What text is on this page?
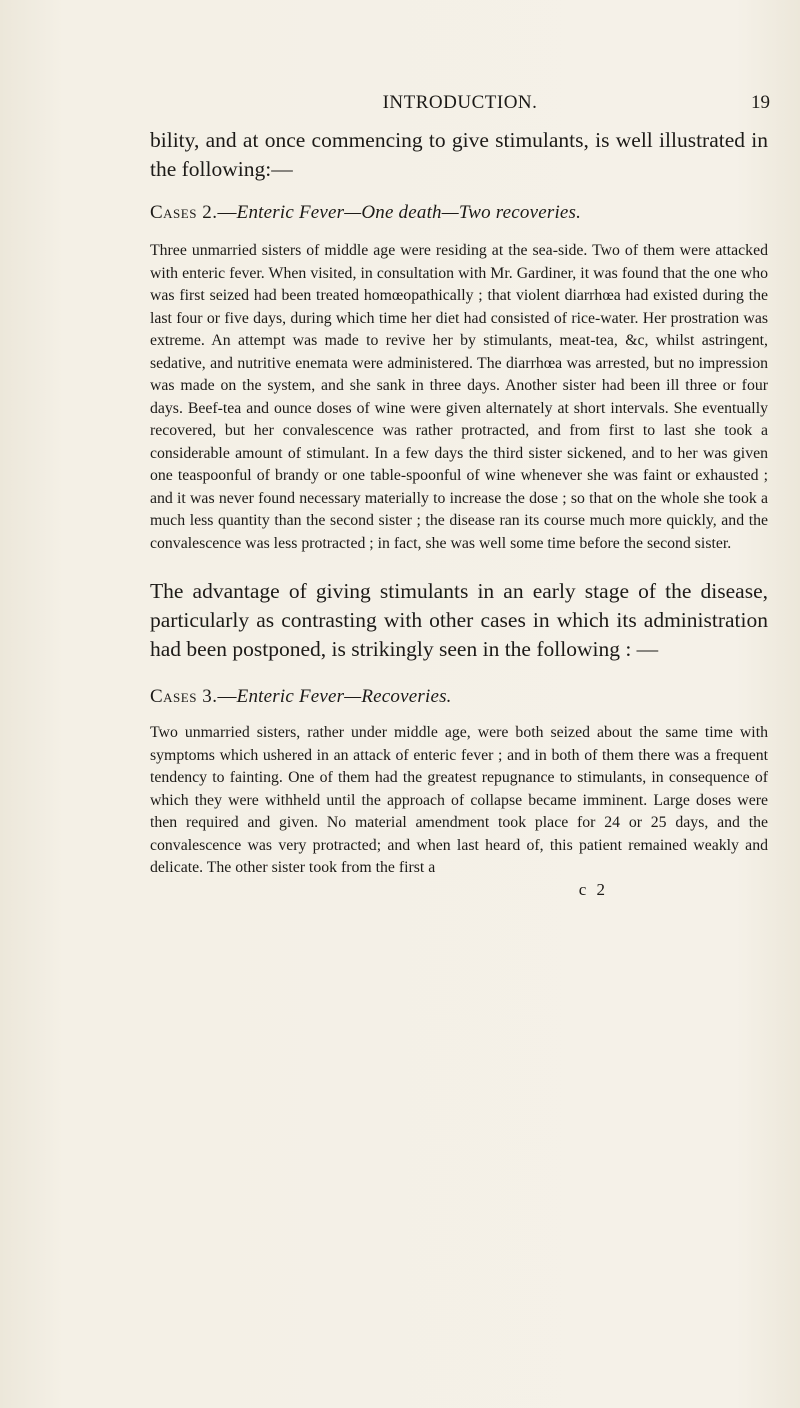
INTRODUCTION.	19

bility, and at once commencing to give stimulants, is well illustrated in the following:—

Cases 2.—Enteric Fever—One death—Two recoveries.

Three unmarried sisters of middle age were residing at the sea-side. Two of them were attacked with enteric fever. When visited, in consultation with Mr. Gardiner, it was found that the one who was first seized had been treated homœopathically ; that violent diarrhœa had existed during the last four or five days, during which time her diet had consisted of rice-water. Her prostration was extreme. An attempt was made to revive her by stimulants, meat-tea, &c, whilst astringent, sedative, and nutritive enemata were administered. The diarrhœa was arrested, but no impression was made on the system, and she sank in three days. Another sister had been ill three or four days. Beef-tea and ounce doses of wine were given alternately at short intervals. She eventually recovered, but her convalescence was rather protracted, and from first to last she took a considerable amount of stimulant. In a few days the third sister sickened, and to her was given one teaspoonful of brandy or one table-spoonful of wine whenever she was faint or exhausted ; and it was never found necessary materially to increase the dose ; so that on the whole she took a much less quantity than the second sister ; the disease ran its course much more quickly, and the convalescence was less protracted ; in fact, she was well some time before the second sister.

The advantage of giving stimulants in an early stage of the disease, particularly as contrasting with other cases in which its administration had been postponed, is strikingly seen in the following : —

Cases 3.—Enteric Fever—Recoveries.

Two unmarried sisters, rather under middle age, were both seized about the same time with symptoms which ushered in an attack of enteric fever ; and in both of them there was a frequent tendency to fainting. One of them had the greatest repugnance to stimulants, in consequence of which they were withheld until the approach of collapse became imminent. Large doses were then required and given. No material amendment took place for 24 or 25 days, and the convalescence was very protracted; and when last heard of, this patient remained weakly and delicate. The other sister took from the first a

c 2
